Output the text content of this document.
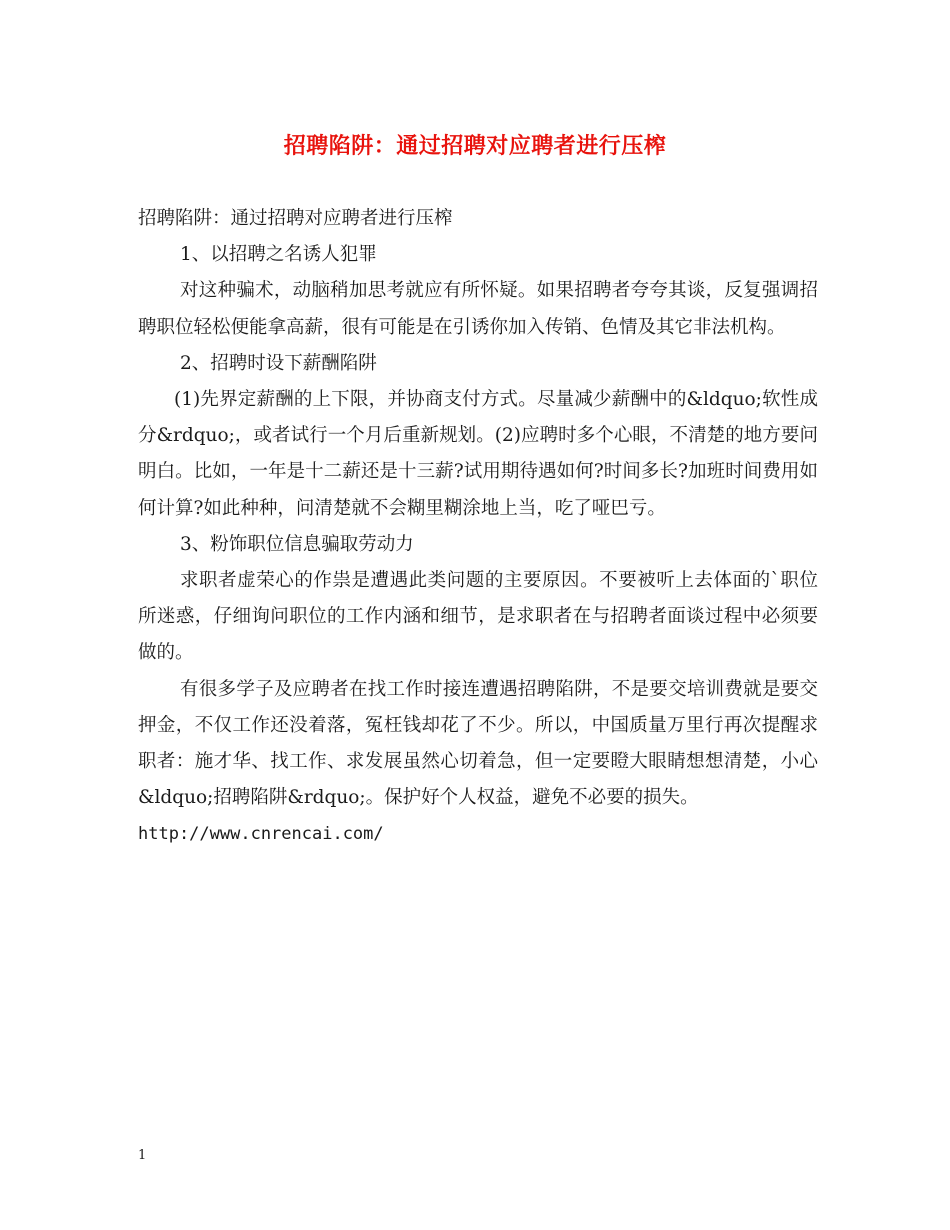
招聘陷阱：通过招聘对应聘者进行压榨

招聘陷阱：通过招聘对应聘者进行压榨

1、以招聘之名诱人犯罪

对这种骗术，动脑稍加思考就应有所怀疑。如果招聘者夸夸其谈，反复强调招聘职位轻松便能拿高薪，很有可能是在引诱你加入传销、色情及其它非法机构。

2、招聘时设下薪酬陷阱

(1)先界定薪酬的上下限，并协商支付方式。尽量减少薪酬中的&ldquo;软性成分&rdquo;，或者试行一个月后重新规划。(2)应聘时多个心眼，不清楚的地方要问明白。比如，一年是十二薪还是十三薪?试用期待遇如何?时间多长?加班时间费用如何计算?如此种种，问清楚就不会糊里糊涂地上当，吃了哑巴亏。

3、粉饰职位信息骗取劳动力

求职者虚荣心的作祟是遭遇此类问题的主要原因。不要被听上去体面的`职位所迷惑，仔细询问职位的工作内涵和细节，是求职者在与招聘者面谈过程中必须要做的。

有很多学子及应聘者在找工作时接连遭遇招聘陷阱，不是要交培训费就是要交押金，不仅工作还没着落，冤枉钱却花了不少。所以，中国质量万里行再次提醒求职者：施才华、找工作、求发展虽然心切着急，但一定要瞪大眼睛想想清楚，小心&ldquo;招聘陷阱&rdquo;。保护好个人权益，避免不必要的损失。

http://www.cnrencai.com/

1
